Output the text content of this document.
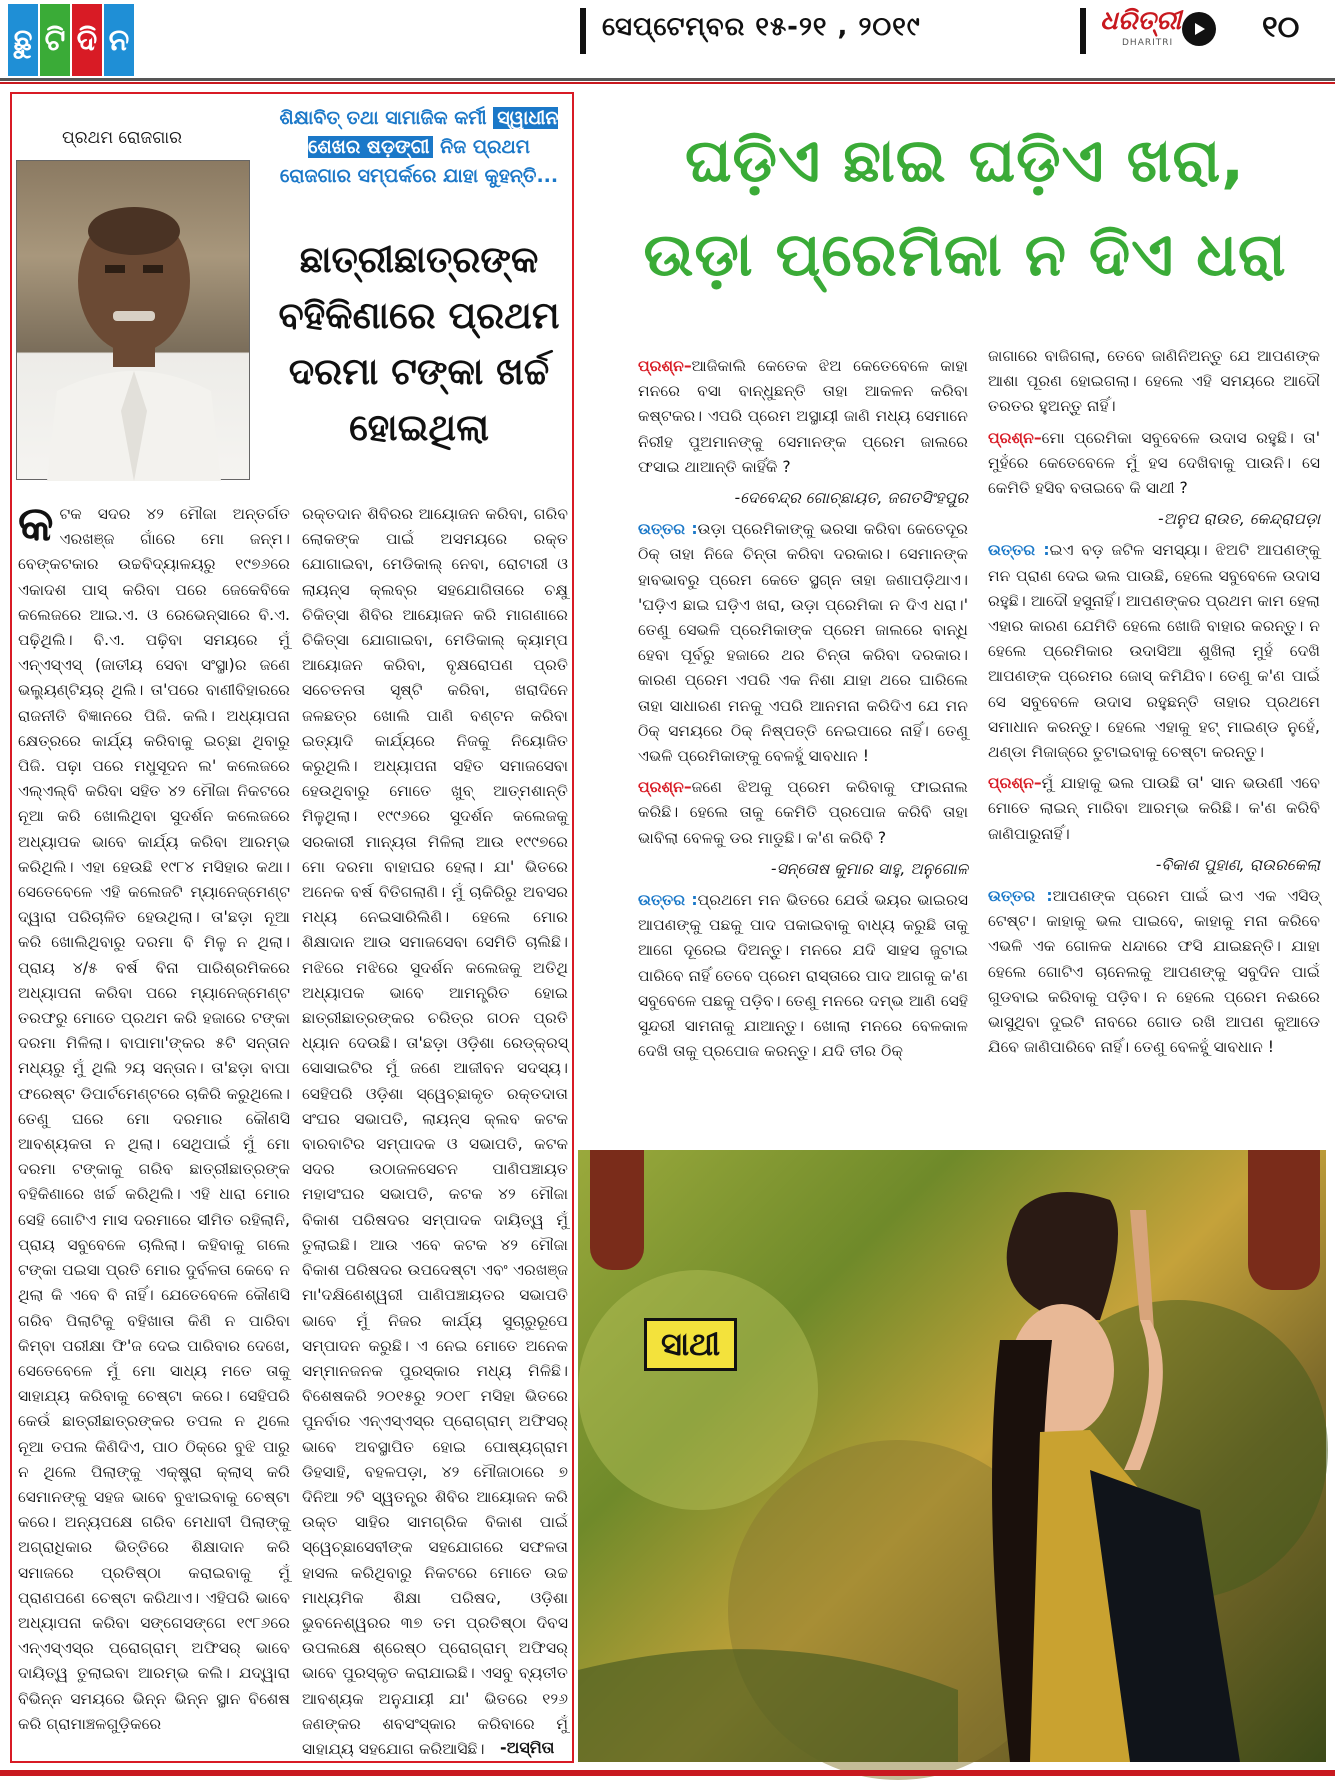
ଛୁ ଟି ଦି ନ	ସେପ୍ଟେମ୍ବର ୧୫-୨୧ , ୨୦୧୯	ଧରିତ୍ରୀ
DHARITRI	୧୦
ପ୍ରଥମ ରୋଜଗାର
ଶିକ୍ଷାବିତ୍‌ ତଥା ସାମାଜିକ କର୍ମୀ ସ୍ୱାଧୀନ ଶେଖର ଷଡ଼ଙ୍ଗୀ ନିଜ ପ୍ରଥମ ରୋଜଗାର ସମ୍ପର୍କରେ ଯାହା କୁହନ୍ତି...
ଛାତ୍ରୀଛାତ୍ରଙ୍କ ବହିକିଣାରେ ପ୍ରଥମ ଦରମା ଟଙ୍କା ଖର୍ଚ୍ଚ ହୋଇଥିଲା
କଟକ ସଦର ୪୨ ମୌଜା ଅନ୍ତର୍ଗତ ଏରଖଞ୍ଜ ଗାଁରେ ମୋ ଜନ୍ମ। ବେଙ୍କଟକାର ଉଚ୍ଚବିଦ୍ୟାଳୟରୁ ୧୯୭୬ରେ ଏକାଦଶ ପାସ୍‌ କରିବା ପରେ ଜେକେବିକେ କଲେଜରେ ଆଇ.ଏ. ଓ ରେଭେନ୍ସାରେ ବି.ଏ. ପଢ଼ିଥିଲି। ବି.ଏ. ପଢ଼ିବା ସମୟରେ ମୁଁ ଏନ୍‌ଏସ୍‌ଏସ୍‌ (ଜାତୀୟ ସେବା ସଂସ୍ଥା)ର ଜଣେ ଭଲ୍ୟୁଣ୍ଟିୟର୍‌ ଥିଲି। ତା'ପରେ ବାଣୀବିହାରରେ ରାଜନୀତି ବିଜ୍ଞାନରେ ପିଜି. କଲି। ଅଧ୍ୟାପନା କ୍ଷେତ୍ରରେ କାର୍ଯ୍ୟ କରିବାକୁ ଇଚ୍ଛା ଥିବାରୁ ପିଜି. ପଢ଼ା ପରେ ମଧୁସୂଦନ ଲ' କଲେଜରେ ଏଲ୍‌ଏଲ୍‌ବି କରିବା ସହିତ ୪୨ ମୌଜା ନିକଟରେ ନୂଆ କରି ଖୋଲିଥିବା ସୁଦର୍ଶନ କଲେଜରେ ଅଧ୍ୟାପକ ଭାବେ କାର୍ଯ୍ୟ କରିବା ଆରମ୍ଭ କରିଥିଲି। ଏହା ହେଉଛି ୧୯୮୪ ମସିହାର କଥା। ସେତେବେଳେ ଏହି କଲେଜଟି ମ୍ୟାନେଜ୍‌ମେଣ୍ଟ ଦ୍ୱାରା ପରିଚାଳିତ ହେଉଥିଲା। ତା'ଛଡ଼ା ନୂଆ କରି ଖୋଲିଥିବାରୁ ଦରମା ବି ମିଳୁ ନ ଥିଲା। ପ୍ରାୟ ୪/୫ ବର୍ଷ ବିନା ପାରିଶ୍ରମିକରେ ଅଧ୍ୟାପନା କରିବା ପରେ ମ୍ୟାନେଜ୍‌ମେଣ୍ଟ ତରଫରୁ ମୋତେ ପ୍ରଥମ କରି ହଜାରେ ଟଙ୍କା ଦରମା ମିଳିଲା। ବାପାମା'ଙ୍କର ୫ଟି ସନ୍ତାନ ମଧ୍ୟରୁ ମୁଁ ଥିଲି ୨ୟ ସନ୍ତାନ। ତା'ଛଡ଼ା ବାପା ଫରେଷ୍ଟ ଡିପାର୍ଟମେଣ୍ଟରେ ଚାକିରି କରୁଥିଲେ। ତେଣୁ ଘରେ ମୋ ଦରମାର କୌଣସି ଆବଶ୍ୟକତା ନ ଥିଲା। ସେଥିପାଇଁ ମୁଁ ମୋ ଦରମା ଟଙ୍କାକୁ ଗରିବ ଛାତ୍ରୀଛାତ୍ରଙ୍କ ବହିକିଣାରେ ଖର୍ଚ୍ଚ କରିଥିଲି। ଏହି ଧାରା ମୋର ସେହି ଗୋଟିଏ ମାସ ଦରମାରେ ସୀମିତ ରହିଲାନି, ପ୍ରାୟ ସବୁବେଳେ ଚାଲିଲା। କହିବାକୁ ଗଲେ ଟଙ୍କା ପଇସା ପ୍ରତି ମୋର ଦୁର୍ବଳତା କେବେ ନ ଥିଲା କି ଏବେ ବି ନାହିଁ। ଯେତେବେଳେ କୌଣସି ଗରିବ ପିଲାଟିକୁ ବହିଖାତା କିଣି ନ ପାରିବା କିମ୍ବା ପରୀକ୍ଷା ଫି'ଜ ଦେଇ ପାରିବାର ଦେଖେ, ସେତେବେଳେ ମୁଁ ମୋ ସାଧ୍ୟ ମତେ ତାକୁ ସାହାଯ୍ୟ କରିବାକୁ ଚେଷ୍ଟା କରେ। ସେହିପରି କେଉଁ ଛାତ୍ରୀଛାତ୍ରଙ୍କର ତପଲ ନ ଥିଲେ ନୂଆ ତପଲ କିଣିଦିଏ, ପାଠ ଠିକ୍‌ରେ ବୁଝି ପାରୁ ନ ଥିଲେ ପିଲାଙ୍କୁ ଏକ୍‌ଷ୍ଟ୍ରା କ୍ଲାସ୍‌ କରି ସେମାନଙ୍କୁ ସହଜ ଭାବେ ବୁଝାଇବାକୁ ଚେଷ୍ଟା କରେ। ଅନ୍ୟପକ୍ଷେ ଗରିବ ମେଧାବୀ ପିଲାଙ୍କୁ ଅଗ୍ରାଧିକାର ଭିତ୍ତିରେ ଶିକ୍ଷାଦାନ କରି ସମାଜରେ ପ୍ରତିଷ୍ଠା କରାଇବାକୁ ମୁଁ ପ୍ରାଣପଣେ ଚେଷ୍ଟା କରିଥାଏ। ଏହିପରି ଭାବେ ଅଧ୍ୟାପନା କରିବା ସଙ୍ଗେସଙ୍ଗେ ୧୯୮୬ରେ ଏନ୍‌ଏସ୍‌ଏସ୍‌ର ପ୍ରୋଗ୍ରାମ୍‌ ଅଫିସର୍‌ ଭାବେ ଦାୟିତ୍ୱ ତୁଲାଇବା ଆରମ୍ଭ କଲି। ଯଦ୍ୱାରା ବିଭିନ୍ନ ସମୟରେ ଭିନ୍ନ ଭିନ୍ନ ସ୍ଥାନ ବିଶେଷ କରି ଗ୍ରାମାଞ୍ଚଳଗୁଡ଼ିକରେ
ରକ୍ତଦାନ ଶିବିରର ଆୟୋଜନ କରିବା, ଗରିବ ଲୋକଙ୍କ ପାଇଁ ଅସମୟରେ ରକ୍ତ ଯୋଗାଇବା, ମେଡିକାଲ୍‌ ନେବା, ରୋଟାରୀ ଓ ଲାୟନ୍ସ କ୍ଲବ୍‌ର ସହଯୋଗିତାରେ ଚକ୍ଷୁ ଚିକିତ୍ସା ଶିବିର ଆୟୋଜନ କରି ମାଗଣାରେ ଚିକିତ୍ସା ଯୋଗାଇବା, ମେଡିକାଲ୍‌ କ୍ୟାମ୍ପ ଆୟୋଜନ କରିବା, ବୃକ୍ଷରୋପଣ ପ୍ରତି ସଚେତନତା ସୃଷ୍ଟି କରିବା, ଖରାଦିନେ ଜଳଛତ୍ର ଖୋଲି ପାଣି ବଣ୍ଟନ କରିବା ଇତ୍ୟାଦି କାର୍ଯ୍ୟରେ ନିଜକୁ ନିୟୋଜିତ କରୁଥିଲି। ଅଧ୍ୟାପନା ସହିତ ସମାଜସେବା ହେଉଥିବାରୁ ମୋତେ ଖୁବ୍‌ ଆତ୍ମଶାନ୍ତି ମିଳୁଥିଲା। ୧୯୯୬ରେ ସୁଦର୍ଶନ କଲେଜକୁ ସରକାରୀ ମାନ୍ୟତା ମିଳିଲା ଆଉ ୧୯୯୭ରେ ମୋ ଦରମା ବାହାଘର ହେଲା। ଯା' ଭିତରେ ଅନେକ ବର୍ଷ ବିତିଗଲାଣି। ମୁଁ ଚାକିରିରୁ ଅବସର ମଧ୍ୟ ନେଇସାରିଲିଣି। ହେଲେ ମୋର ଶିକ୍ଷାଦାନ ଆଉ ସମାଜସେବା ସେମିତି ଚାଲିଛି। ମଝିରେ ମଝିରେ ସୁଦର୍ଶନ କଲେଜକୁ ଅତିଥି ଅଧ୍ୟାପକ ଭାବେ ଆମନ୍ତ୍ରିତ ହୋଇ ଛାତ୍ରୀଛାତ୍ରଙ୍କର ଚରିତ୍ର ଗଠନ ପ୍ରତି ଧ୍ୟାନ ଦେଉଛି। ତା'ଛଡ଼ା ଓଡ଼ିଶା ରେଡ୍‌କ୍ରସ୍‌ ସୋସାଇଟିର ମୁଁ ଜଣେ ଆଜୀବନ ସଦସ୍ୟ। ସେହିପରି ଓଡ଼ିଶା ସ୍ୱେଚ୍ଛାକୃତ ରକ୍ତଦାତା ସଂଘର ସଭାପତି, ଲାୟନ୍ସ କ୍ଲବ କଟକ ବାରବାଟିର ସମ୍ପାଦକ ଓ ସଭାପତି, କଟକ ସଦର ଉଠାଜଳସେଚନ ପାଣିପଞ୍ଚାୟତ ମହାସଂଘର ସଭାପତି, କଟକ ୪୨ ମୌଜା ବିକାଶ ପରିଷଦର ସମ୍ପାଦକ ଦାୟିତ୍ୱ ମୁଁ ତୁଲାଇଛି। ଆଉ ଏବେ କଟକ ୪୨ ମୌଜା ବିକାଶ ପରିଷଦର ଉପଦେଷ୍ଟା ଏବଂ ଏରଖଞ୍ଜ ମା'ଦକ୍ଷିଣେଶ୍ୱରୀ ପାଣିପଞ୍ଚାୟତର ସଭାପତି ଭାବେ ମୁଁ ନିଜର କାର୍ଯ୍ୟ ସୁଚାରୁରୂପେ ସମ୍ପାଦନ କରୁଛି। ଏ ନେଇ ମୋତେ ଅନେକ ସମ୍ମାନଜନକ ପୁରସ୍କାର ମଧ୍ୟ ମିଳିଛି। ବିଶେଷକରି ୨୦୧୫ରୁ ୨୦୧୮ ମସିହା ଭିତରେ ପୁନର୍ବାର ଏନ୍‌ଏସ୍‌ଏସ୍‌ର ପ୍ରୋଗ୍ରାମ୍‌ ଅଫିସର୍‌ ଭାବେ ଅବସ୍ଥାପିତ ହୋଇ ପୋଷ୍ୟଗ୍ରାମ ଡିହସାହି, ବହଳପଡ଼ା, ୪୨ ମୌଜାଠାରେ ୭ ଦିନିଆ ୨ଟି ସ୍ୱତନ୍ତ୍ର ଶିବିର ଆୟୋଜନ କରି ଉକ୍ତ ସାହିର ସାମଗ୍ରିକ ବିକାଶ ପାଇଁ ସ୍ୱେଚ୍ଛାସେବୀଙ୍କ ସହଯୋଗରେ ସଫଳତା ହାସଲ କରିଥିବାରୁ ନିକଟରେ ମୋତେ ଉଚ୍ଚ ମାଧ୍ୟମିକ ଶିକ୍ଷା ପରିଷଦ, ଓଡ଼ିଶା ଭୁବନେଶ୍ୱରର ୩୭ ତମ ପ୍ରତିଷ୍ଠା ଦିବସ ଉପଲକ୍ଷେ ଶ୍ରେଷ୍ଠ ପ୍ରୋଗ୍ରାମ୍‌ ଅଫିସର୍‌ ଭାବେ ପୁରସ୍କୃତ କରାଯାଇଛି। ଏସବୁ ବ୍ୟତୀତ ଆବଶ୍ୟକ ଅନୁଯାୟୀ ଯା' ଭିତରେ ୧୨୬ ଜଣଙ୍କର ଶବସଂସ୍କାର କରିବାରେ ମୁଁ ସାହାଯ୍ୟ ସହଯୋଗ କରିଆସିଛି। -ଅସ୍ମିତା
ଘଡ଼ିଏ ଛାଇ ଘଡ଼ିଏ ଖରା,
ଉଡ଼ା ପ୍ରେମିକା ନ ଦିଏ ଧରା

ପ୍ରଶ୍ନ–ଆଜିକାଲି କେତେକ ଝିଅ କେତେବେଳେ କାହା ମନରେ ବସା ବାନ୍ଧୁଛନ୍ତି ତାହା ଆକଳନ କରିବା କଷ୍ଟକର। ଏପରି ପ୍ରେମ ଅସ୍ଥାୟୀ ଜାଣି ମଧ୍ୟ ସେମାନେ ନିରୀହ ପୁଅମାନଙ୍କୁ ସେମାନଙ୍କ ପ୍ରେମ ଜାଲରେ ଫସାଇ ଥାଆନ୍ତି କାହିଁକି ?

-ଦେବେନ୍ଦ୍ର ଗୋଚ୍ଛାୟତ, ଜଗତସିଂହପୁର

ଉତ୍ତର :ଉଡ଼ା ପ୍ରେମିକାଙ୍କୁ ଭରସା କରିବା କେତେଦୂର ଠିକ୍‌ ତାହା ନିଜେ ଚିନ୍ତା କରିବା ଦରକାର। ସେମାନଙ୍କ ହାବଭାବରୁ ପ୍ରେମ କେତେ ସ୍ଥଗ୍ନ ତାହା ଜଣାପଡ଼ିଥାଏ। 'ଘଡ଼ିଏ ଛାଇ ଘଡ଼ିଏ ଖରା, ଉଡ଼ା ପ୍ରେମିକା ନ ଦିଏ ଧରା।' ତେଣୁ ସେଭଳି ପ୍ରେମିକାଙ୍କ ପ୍ରେମ ଜାଲରେ ବାନ୍ଧି ହେବା ପୂର୍ବରୁ ହଜାରେ ଥର ଚିନ୍ତା କରିବା ଦରକାର। କାରଣ ପ୍ରେମ ଏପରି ଏକ ନିଶା ଯାହା ଥରେ ଘାରିଲେ ତାହା ସାଧାରଣ ମନକୁ ଏପରି ଆନମନା କରିଦିଏ ଯେ ମନ ଠିକ୍‌ ସମୟରେ ଠିକ୍‌ ନିଷ୍ପତ୍ତି ନେଇପାରେ ନାହିଁ। ତେଣୁ ଏଭଳି ପ୍ରେମିକାଙ୍କୁ ବେଳହୁଁ ସାବଧାନ !

ପ୍ରଶ୍ନ–ଜଣେ ଝିଅକୁ ପ୍ରେମ କରିବାକୁ ଫାଇନାଲ କରିଛି। ହେଲେ ତାକୁ କେମିତି ପ୍ରପୋଜ କରିବି ତାହା ଭାବିଲା ବେଳକୁ ଡର ମାଡୁଛି। କ'ଣ କରିବି ?

-ସନ୍ତୋଷ କୁମାର ସାହୁ, ଅନୁଗୋଳ

ଉତ୍ତର :ପ୍ରଥମେ ମନ ଭିତରେ ଯେଉଁ ଭୟର ଭାଇରସ ଆପଣଙ୍କୁ ପଛକୁ ପାଦ ପକାଇବାକୁ ବାଧ୍ୟ କରୁଛି ତାକୁ ଆଗେ ଦୂରେଇ ଦିଅନ୍ତୁ। ମନରେ ଯଦି ସାହସ ଜୁଟାଇ ପାରିବେ ନାହିଁ ତେବେ ପ୍ରେମ ରାସ୍ତାରେ ପାଦ ଆଗକୁ କ'ଣ ସବୁବେଳେ ପଛକୁ ପଡ଼ିବ। ତେଣୁ ମନରେ ଦମ୍ଭ ଆଣି ସେହି ସୁନ୍ଦରୀ ସାମନାକୁ ଯାଆନ୍ତୁ। ଖୋଲା ମନରେ ବେଳକାଳ ଦେଖି ତାକୁ ପ୍ରପୋଜ କରନ୍ତୁ। ଯଦି ତୀର ଠିକ୍‌

ଜାଗାରେ ବାଜିଗଲା, ତେବେ ଜାଣିନିଅନ୍ତୁ ଯେ ଆପଣଙ୍କ ଆଶା ପୂରଣ ହୋଇଗଲା। ହେଲେ ଏହି ସମୟରେ ଆଦୌ ତରତର ହୁଅନ୍ତୁ ନାହିଁ।

ପ୍ରଶ୍ନ–ମୋ ପ୍ରେମିକା ସବୁବେଳେ ଉଦାସ ରହୁଛି। ତା' ମୁହଁରେ କେତେବେଳେ ମୁଁ ହସ ଦେଖିବାକୁ ପାଉନି। ସେ କେମିତି ହସିବ ବତାଇବେ କି ସାଥୀ ?

-ଅନୁପ ରାଉତ, କେନ୍ଦ୍ରାପଡ଼ା

ଉତ୍ତର :ଇଏ ବଡ଼ ଜଟିଳ ସମସ୍ୟା। ଝିଅଟି ଆପଣଙ୍କୁ ମନ ପ୍ରାଣ ଦେଇ ଭଲ ପାଉଛି, ହେଲେ ସବୁବେଳେ ଉଦାସ ରହୁଛି। ଆଦୌ ହସୁନାହିଁ। ଆପଣଙ୍କର ପ୍ରଥମ କାମ ହେଲା ଏହାର କାରଣ ଯେମିତି ହେଲେ ଖୋଜି ବାହାର କରନ୍ତୁ। ନ ହେଲେ ପ୍ରେମିକାର ଉଦାସିଆ ଶୁଖିଲା ମୁହଁ ଦେଖି ଆପଣଙ୍କ ପ୍ରେମର ଜୋସ୍‌ କମିଯିବ। ତେଣୁ କ'ଣ ପାଇଁ ସେ ସବୁବେଳେ ଉଦାସ ରହୁଛନ୍ତି ତାହାର ପ୍ରଥମେ ସମାଧାନ କରନ୍ତୁ। ହେଲେ ଏହାକୁ ହଟ୍‌ ମାଇଣ୍ଡ ନୁହେଁ, ଥଣ୍ଡା ମିଜାଜ୍‌ରେ ତୁଟାଇବାକୁ ଚେଷ୍ଟା କରନ୍ତୁ।

ପ୍ରଶ୍ନ–ମୁଁ ଯାହାକୁ ଭଲ ପାଉଛି ତା' ସାନ ଭଉଣୀ ଏବେ ମୋତେ ଲାଇନ୍‌ ମାରିବା ଆରମ୍ଭ କରିଛି। କ'ଣ କରିବି ଜାଣିପାରୁନାହିଁ।

-ବିକାଶ ପୁହାଣ, ରାଉରକେଲା

ଉତ୍ତର :ଆପଣଙ୍କ ପ୍ରେମ ପାଇଁ ଇଏ ଏକ ଏସିଡ୍‌ ଟେଷ୍ଟ। କାହାକୁ ଭଲ ପାଇବେ, କାହାକୁ ମନା କରିବେ ଏଭଳି ଏକ ଗୋଳକ ଧନ୍ଦାରେ ଫସି ଯାଇଛନ୍ତି। ଯାହା ହେଲେ ଗୋଟିଏ ଚାନେଲକୁ ଆପଣଙ୍କୁ ସବୁଦିନ ପାଇଁ ଗୁଡବାଇ କରିବାକୁ ପଡ଼ିବ। ନ ହେଲେ ପ୍ରେମ ନଈରେ ଭାସୁଥିବା ଦୁଇଟି ନାବରେ ଗୋଡ ରଖି ଆପଣ କୁଆଡେ ଯିବେ ଜାଣିପାରିବେ ନାହିଁ। ତେଣୁ ବେଳହୁଁ ସାବଧାନ !

ସାଥୀ
